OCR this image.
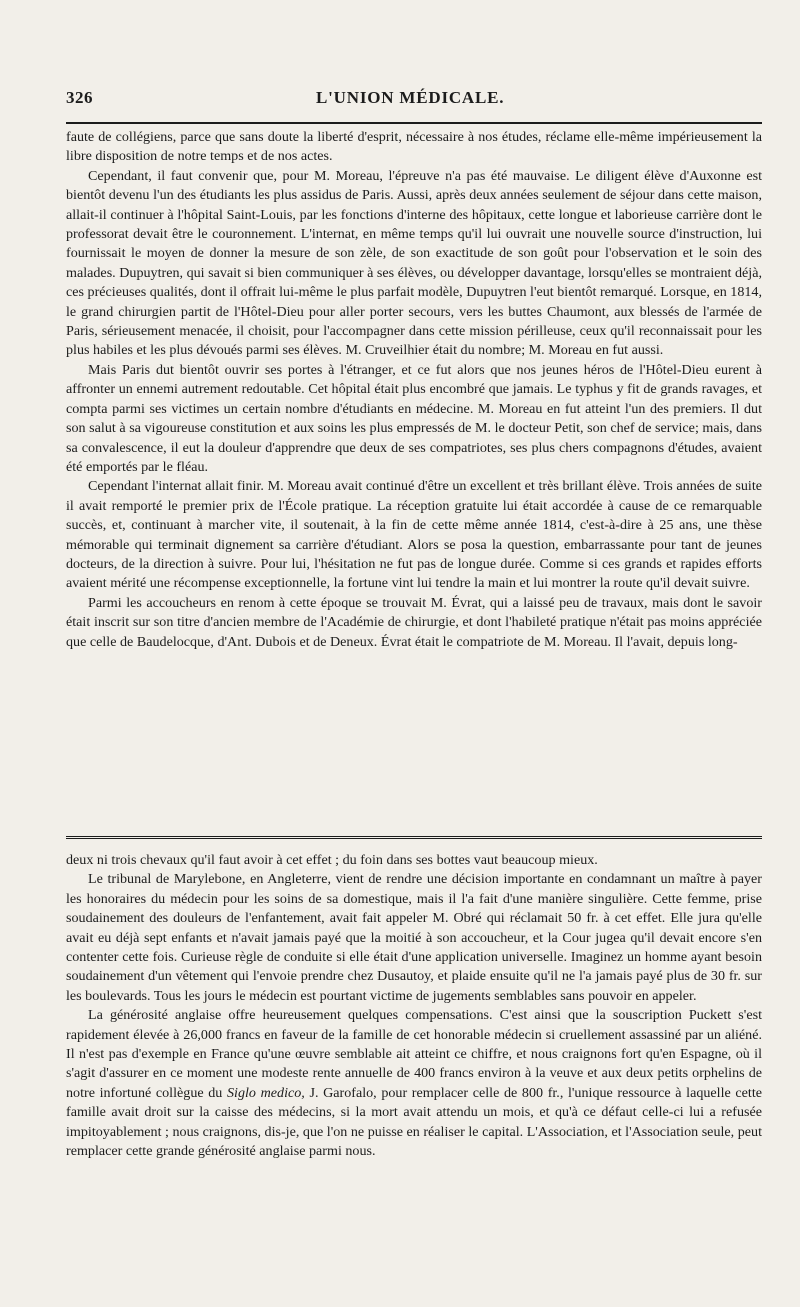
326	L'UNION MÉDICALE.

faute de collégiens, parce que sans doute la liberté d'esprit, nécessaire à nos études, réclame elle-même impérieusement la libre disposition de notre temps et de nos actes.

Cependant, il faut convenir que, pour M. Moreau, l'épreuve n'a pas été mauvaise. Le diligent élève d'Auxonne est bientôt devenu l'un des étudiants les plus assidus de Paris. Aussi, après deux années seulement de séjour dans cette maison, allait-il continuer à l'hôpital Saint-Louis, par les fonctions d'interne des hôpitaux, cette longue et laborieuse carrière dont le professorat devait être le couronnement. L'internat, en même temps qu'il lui ouvrait une nouvelle source d'instruction, lui fournissait le moyen de donner la mesure de son zèle, de son exactitude de son goût pour l'observation et le soin des malades. Dupuytren, qui savait si bien communiquer à ses élèves, ou développer davantage, lorsqu'elles se montraient déjà, ces précieuses qualités, dont il offrait lui-même le plus parfait modèle, Dupuytren l'eut bientôt remarqué. Lorsque, en 1814, le grand chirurgien partit de l'Hôtel-Dieu pour aller porter secours, vers les buttes Chaumont, aux blessés de l'armée de Paris, sérieusement menacée, il choisit, pour l'accompagner dans cette mission périlleuse, ceux qu'il reconnaissait pour les plus habiles et les plus dévoués parmi ses élèves. M. Cruveilhier était du nombre; M. Moreau en fut aussi.

Mais Paris dut bientôt ouvrir ses portes à l'étranger, et ce fut alors que nos jeunes héros de l'Hôtel-Dieu eurent à affronter un ennemi autrement redoutable. Cet hôpital était plus encombré que jamais. Le typhus y fit de grands ravages, et compta parmi ses victimes un certain nombre d'étudiants en médecine. M. Moreau en fut atteint l'un des premiers. Il dut son salut à sa vigoureuse constitution et aux soins les plus empressés de M. le docteur Petit, son chef de service; mais, dans sa convalescence, il eut la douleur d'apprendre que deux de ses compatriotes, ses plus chers compagnons d'études, avaient été emportés par le fléau.

Cependant l'internat allait finir. M. Moreau avait continué d'être un excellent et très brillant élève. Trois années de suite il avait remporté le premier prix de l'École pratique. La réception gratuite lui était accordée à cause de ce remarquable succès, et, continuant à marcher vite, il soutenait, à la fin de cette même année 1814, c'est-à-dire à 25 ans, une thèse mémorable qui terminait dignement sa carrière d'étudiant. Alors se posa la question, embarrassante pour tant de jeunes docteurs, de la direction à suivre. Pour lui, l'hésitation ne fut pas de longue durée. Comme si ces grands et rapides efforts avaient mérité une récompense exceptionnelle, la fortune vint lui tendre la main et lui montrer la route qu'il devait suivre.

Parmi les accoucheurs en renom à cette époque se trouvait M. Évrat, qui a laissé peu de travaux, mais dont le savoir était inscrit sur son titre d'ancien membre de l'Académie de chirurgie, et dont l'habileté pratique n'était pas moins appréciée que celle de Baudelocque, d'Ant. Dubois et de Deneux. Évrat était le compatriote de M. Moreau. Il l'avait, depuis long-

deux ni trois chevaux qu'il faut avoir à cet effet ; du foin dans ses bottes vaut beaucoup mieux.

Le tribunal de Marylebone, en Angleterre, vient de rendre une décision importante en condamnant un maître à payer les honoraires du médecin pour les soins de sa domestique, mais il l'a fait d'une manière singulière. Cette femme, prise soudainement des douleurs de l'enfantement, avait fait appeler M. Obré qui réclamait 50 fr. à cet effet. Elle jura qu'elle avait eu déjà sept enfants et n'avait jamais payé que la moitié à son accoucheur, et la Cour jugea qu'il devait encore s'en contenter cette fois. Curieuse règle de conduite si elle était d'une application universelle. Imaginez un homme ayant besoin soudainement d'un vêtement qui l'envoie prendre chez Dusautoy, et plaide ensuite qu'il ne l'a jamais payé plus de 30 fr. sur les boulevards. Tous les jours le médecin est pourtant victime de jugements semblables sans pouvoir en appeler.

La générosité anglaise offre heureusement quelques compensations. C'est ainsi que la souscription Puckett s'est rapidement élevée à 26,000 francs en faveur de la famille de cet honorable médecin si cruellement assassiné par un aliéné. Il n'est pas d'exemple en France qu'une œuvre semblable ait atteint ce chiffre, et nous craignons fort qu'en Espagne, où il s'agit d'assurer en ce moment une modeste rente annuelle de 400 francs environ à la veuve et aux deux petits orphelins de notre infortuné collègue du Siglo medico, J. Garofalo, pour remplacer celle de 800 fr., l'unique ressource à laquelle cette famille avait droit sur la caisse des médecins, si la mort avait attendu un mois, et qu'à ce défaut celle-ci lui a refusée impitoyablement ; nous craignons, dis-je, que l'on ne puisse en réaliser le capital. L'Association, et l'Association seule, peut remplacer cette grande générosité anglaise parmi nous.
